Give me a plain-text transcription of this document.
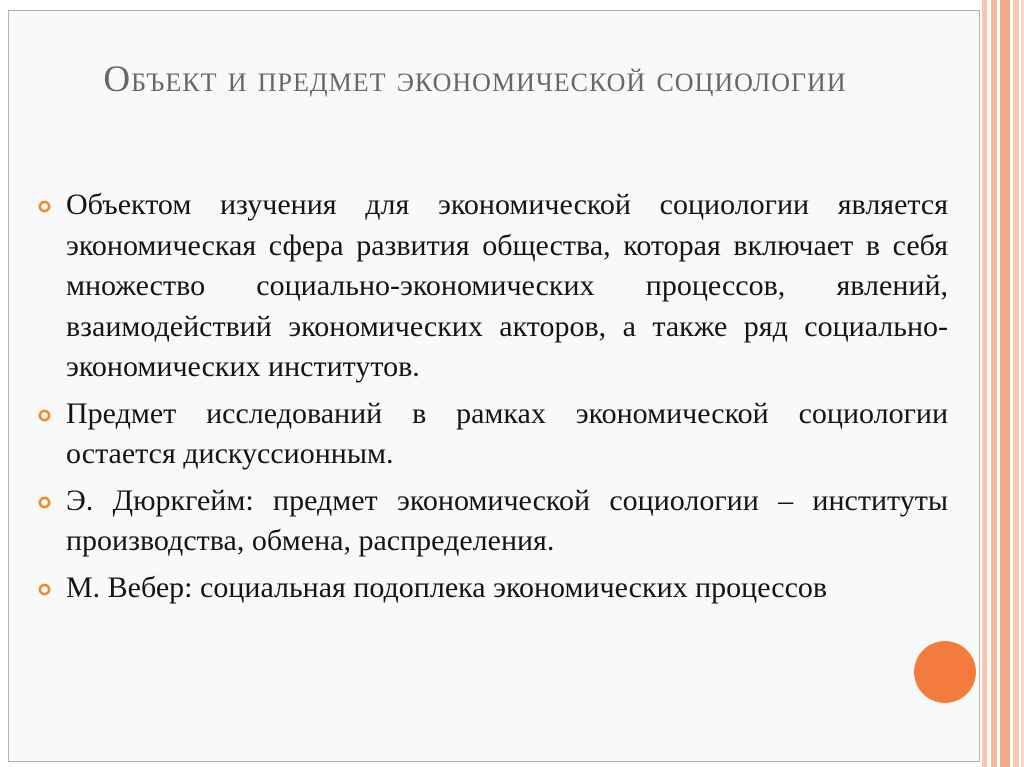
Объект и предмет экономической социологии
Объектом изучения для экономической социологии является экономическая сфера развития общества, которая включает в себя множество социально-экономических процессов, явлений, взаимодействий экономических акторов, а также ряд социально-экономических институтов.
Предмет исследований в рамках экономической социологии остается дискуссионным.
Э. Дюркгейм: предмет экономической социологии – институты производства, обмена, распределения.
М. Вебер: социальная подоплека экономических процессов
